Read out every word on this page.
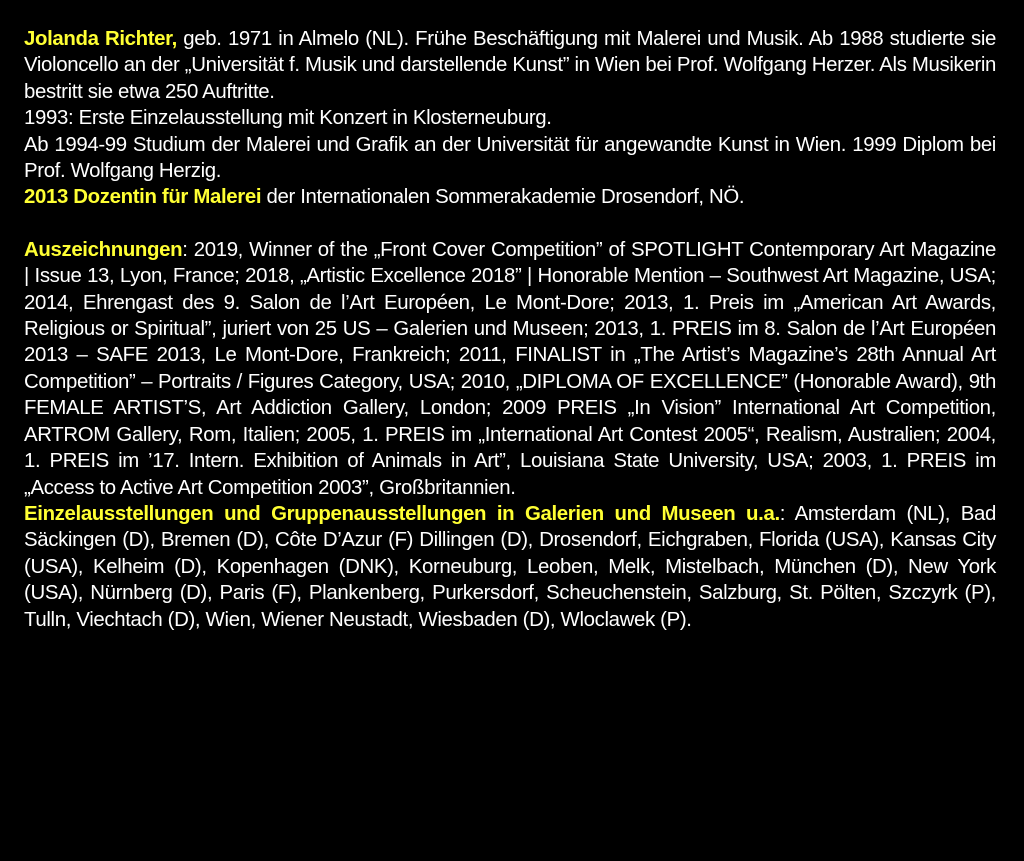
Jolanda Richter, geb. 1971 in Almelo (NL). Frühe Beschäftigung mit Malerei und Musik. Ab 1988 studierte sie Violoncello an der „Universität f. Musik und darstellende Kunst” in Wien bei Prof. Wolfgang Herzer. Als Musikerin bestritt sie etwa 250 Auftritte.

1993: Erste Einzelausstellung mit Konzert in Klosterneuburg.

Ab 1994-99 Studium der Malerei und Grafik an der Universität für angewandte Kunst in Wien. 1999 Diplom bei Prof. Wolfgang Herzig.

2013 Dozentin für Malerei der Internationalen Sommerakademie Drosendorf, NÖ.

Auszeichnungen: 2019, Winner of the „Front Cover Competition” of SPOTLIGHT Contemporary Art Magazine | Issue 13, Lyon, France; 2018, „Artistic Excellence 2018” | Honorable Mention – Southwest Art Magazine, USA; 2014, Ehrengast des 9. Salon de l’Art Européen, Le Mont-Dore; 2013, 1. Preis im „American Art Awards, Religious or Spiritual”, juriert von 25 US – Galerien und Museen; 2013, 1. PREIS im 8. Salon de l’Art Européen 2013 – SAFE 2013, Le Mont-Dore, Frankreich; 2011, FINALIST in „The Artist’s Magazine’s 28th Annual Art Competition” – Portraits / Figures Category, USA; 2010, „DIPLOMA OF EXCELLENCE” (Honorable Award), 9th FEMALE ARTIST’S, Art Addiction Gallery, London; 2009 PREIS „In Vision” International Art Competition, ARTROM Gallery, Rom, Italien; 2005, 1. PREIS im „International Art Contest 2005“, Realism, Australien; 2004, 1. PREIS im ’17. Intern. Exhibition of Animals in Art”, Louisiana State University, USA; 2003, 1. PREIS im „Access to Active Art Competition 2003”, Großbritannien.

Einzelausstellungen und Gruppenausstellungen in Galerien und Museen u.a.: Amsterdam (NL), Bad Säckingen (D), Bremen (D), Côte D’Azur (F) Dillingen (D), Drosendorf, Eichgraben, Florida (USA), Kansas City (USA), Kelheim (D), Kopenhagen (DNK), Korneuburg, Leoben, Melk, Mistelbach, München (D), New York (USA), Nürnberg (D), Paris (F), Plankenberg, Purkersdorf, Scheuchenstein, Salzburg, St. Pölten, Szczyrk (P), Tulln, Viechtach (D), Wien, Wiener Neustadt, Wiesbaden (D), Wloclawek (P).
